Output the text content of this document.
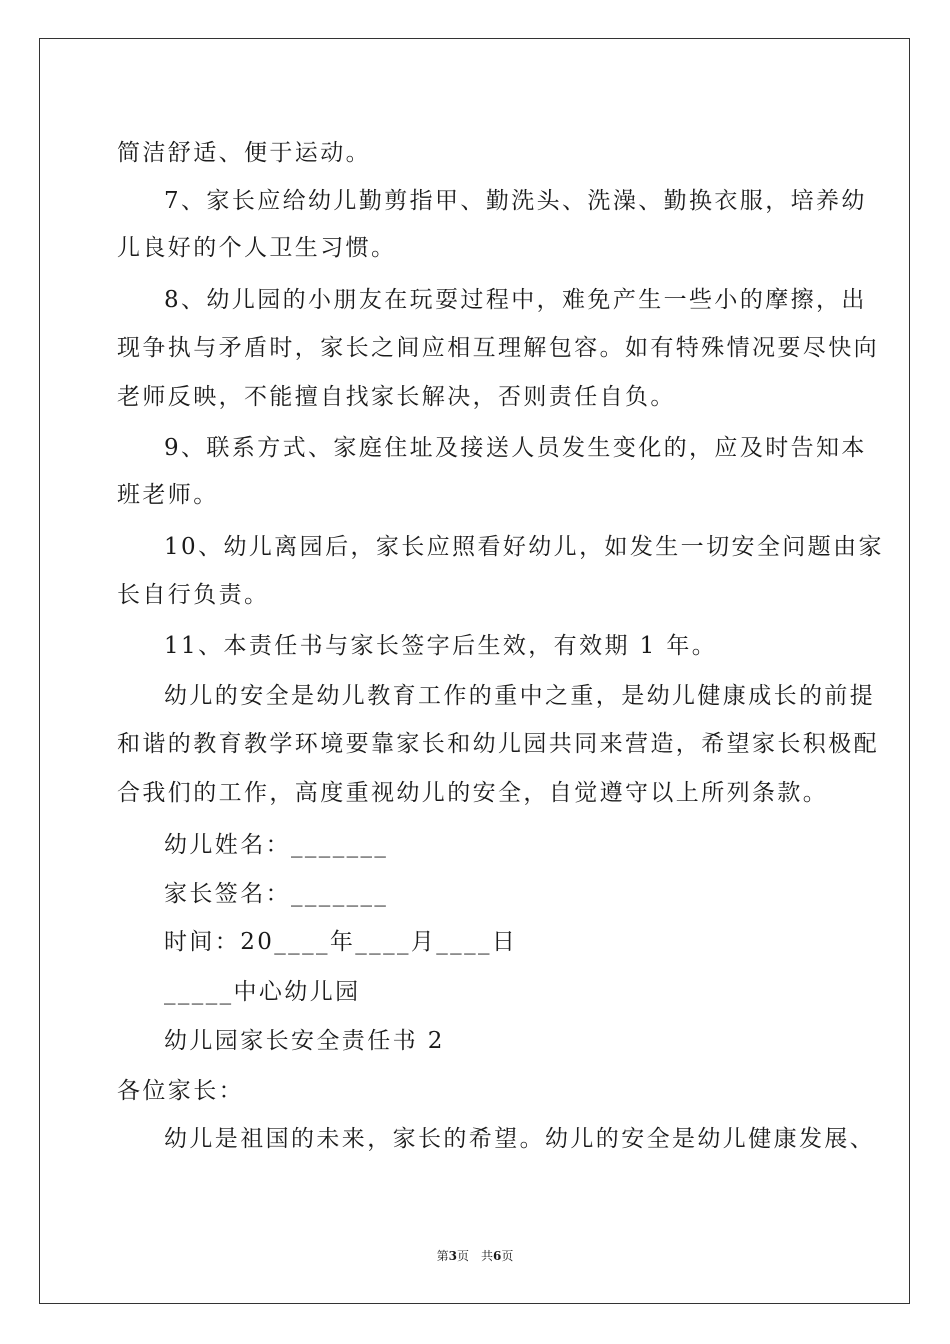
简洁舒适、便于运动。
7、家长应给幼儿勤剪指甲、勤洗头、洗澡、勤换衣服，培养幼
儿良好的个人卫生习惯。
8、幼儿园的小朋友在玩耍过程中，难免产生一些小的摩擦，出
现争执与矛盾时，家长之间应相互理解包容。如有特殊情况要尽快向
老师反映，不能擅自找家长解决，否则责任自负。
9、联系方式、家庭住址及接送人员发生变化的，应及时告知本
班老师。
10、幼儿离园后，家长应照看好幼儿，如发生一切安全问题由家
长自行负责。
11、本责任书与家长签字后生效，有效期 1 年。
幼儿的安全是幼儿教育工作的重中之重，是幼儿健康成长的前提
和谐的教育教学环境要靠家长和幼儿园共同来营造，希望家长积极配
合我们的工作，高度重视幼儿的安全，自觉遵守以上所列条款。
幼儿姓名：_______
家长签名：_______
时间：20____年____月____日
_____中心幼儿园
幼儿园家长安全责任书 2
各位家长：
幼儿是祖国的未来，家长的希望。幼儿的安全是幼儿健康发展、
第3页　共6页
